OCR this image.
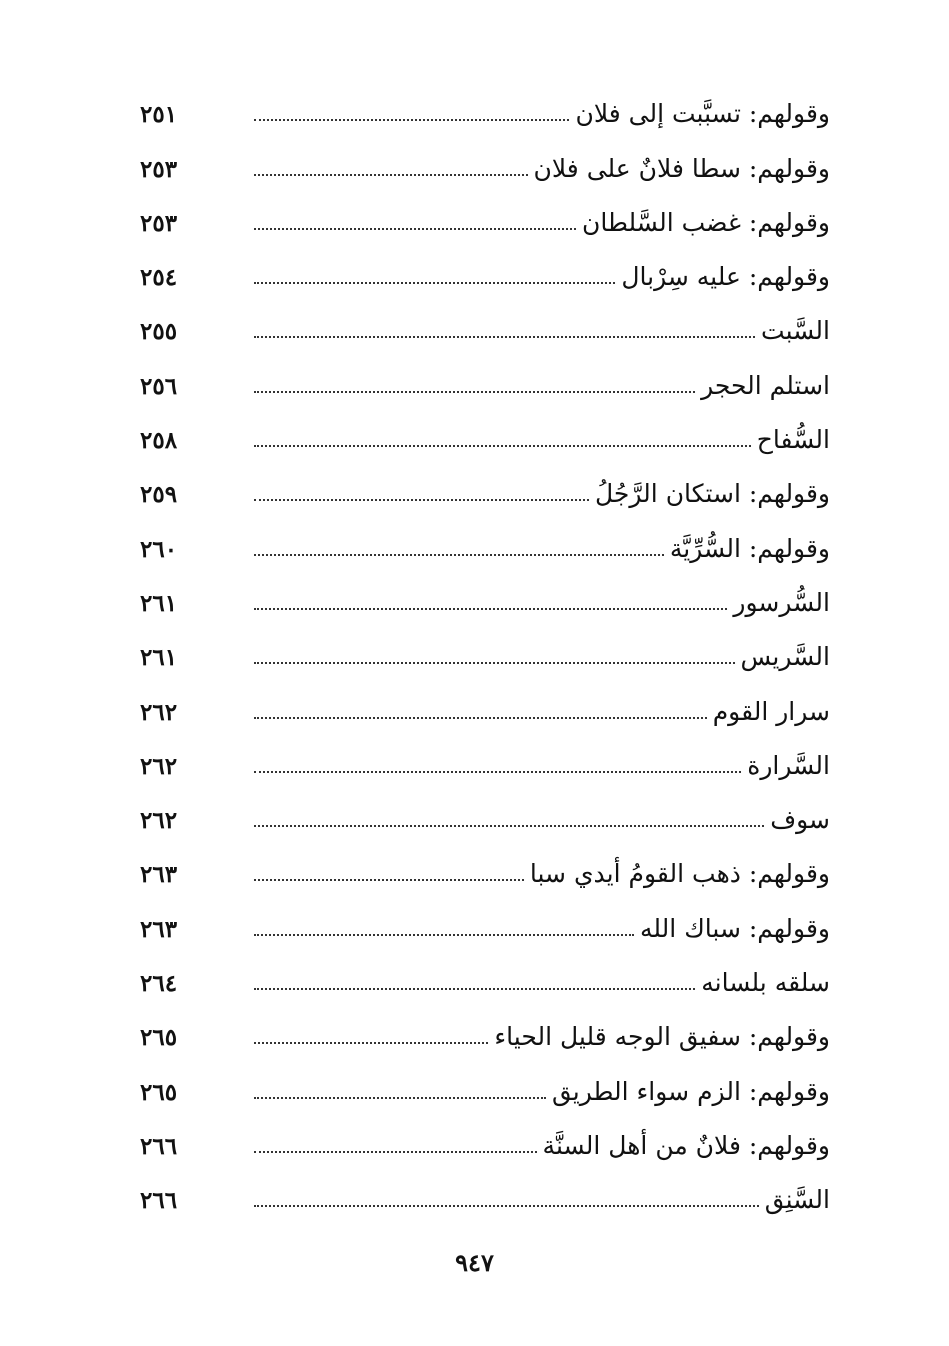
وقولهم: تسبَّبت إلى فلان
٢٥١
وقولهم: سطا فلانٌ على فلان
٢٥٣
وقولهم: غضب السَّلطان
٢٥٣
وقولهم: عليه سِرْبال
٢٥٤
السَّبت
٢٥٥
استلم الحجر
٢٥٦
السُّفاح
٢٥٨
وقولهم: استكان الرَّجُلُ
٢٥٩
وقولهم: السُّرِّيَّة
٢٦٠
السُّرسور
٢٦١
السَّريس
٢٦١
سرار القوم
٢٦٢
السَّرارة
٢٦٢
سوف
٢٦٢
وقولهم: ذهب القومُ أيدي سبا
٢٦٣
وقولهم: سباك الله
٢٦٣
سلقه بلسانه
٢٦٤
وقولهم: سفيق الوجه قليل الحياء
٢٦٥
وقولهم: الزم سواء الطريق
٢٦٥
وقولهم: فلانٌ من أهل السنَّة
٢٦٦
السَّنِق
٢٦٦
٩٤٧
